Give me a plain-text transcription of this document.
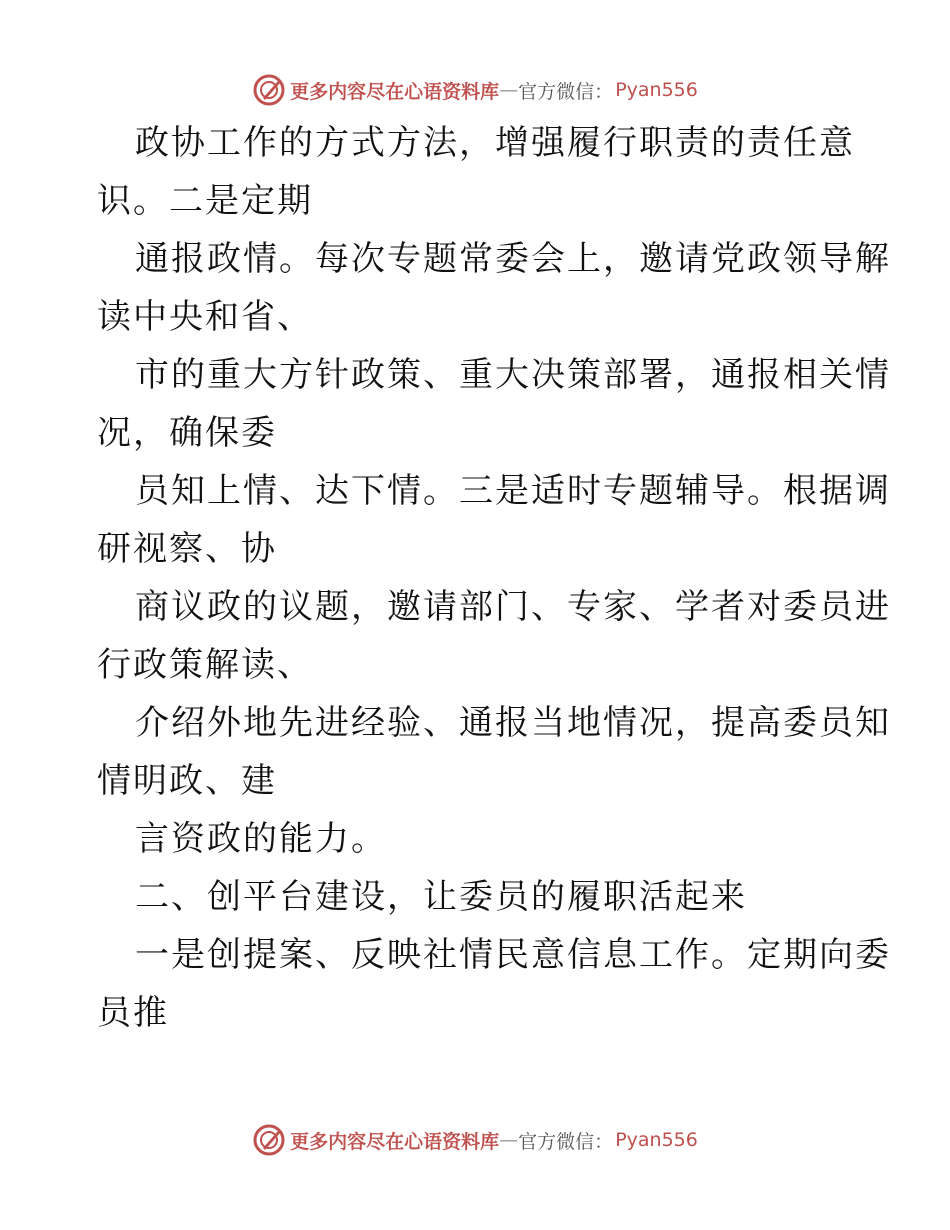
更多内容尽在心语资料库 — 官方微信： Pyan556
政协工作的方式方法，增强履行职责的责任意
识。二是定期
通报政情。每次专题常委会上，邀请党政领导解
读中央和省、
市的重大方针政策、重大决策部署，通报相关情
况，确保委
员知上情、达下情。三是适时专题辅导。根据调
研视察、协
商议政的议题，邀请部门、专家、学者对委员进
行政策解读、
介绍外地先进经验、通报当地情况，提高委员知
情明政、建
言资政的能力。
二、创平台建设，让委员的履职活起来
一是创提案、反映社情民意信息工作。定期向委
员推
更多内容尽在心语资料库 — 官方微信： Pyan556
